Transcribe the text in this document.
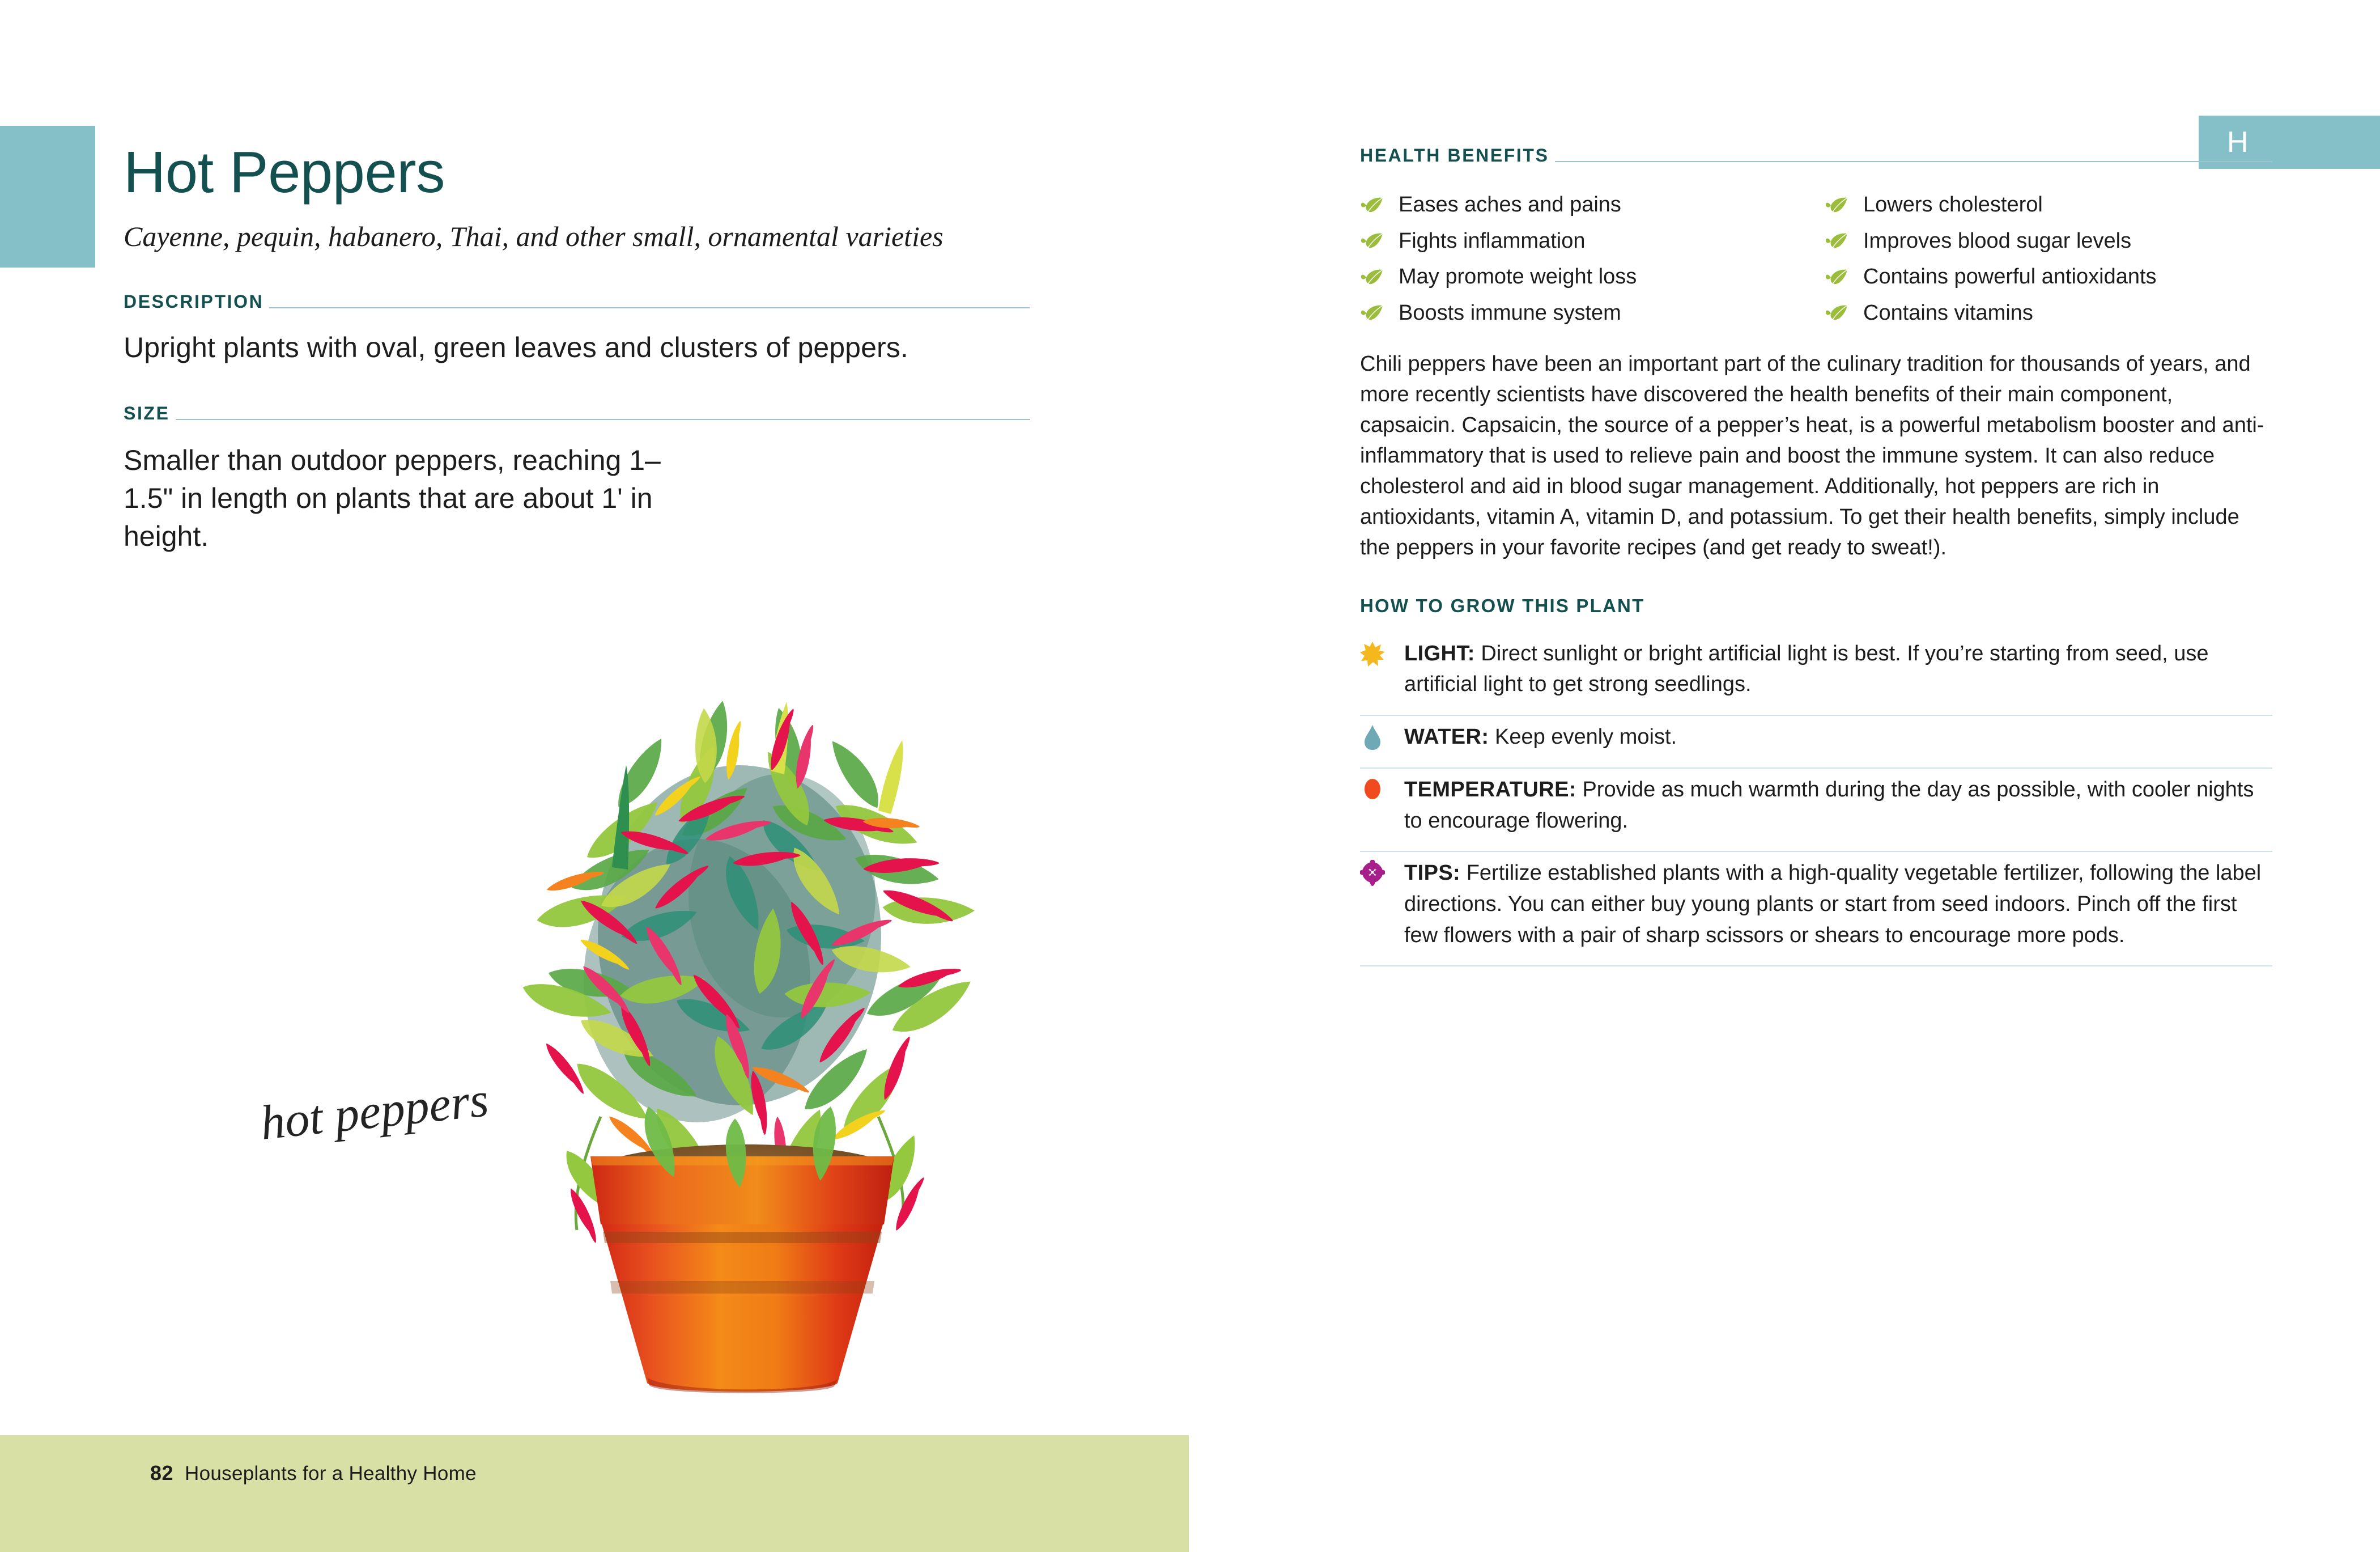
Hot Peppers
Cayenne, pequin, habanero, Thai, and other small, ornamental varieties
DESCRIPTION

Upright plants with oval, green leaves and clusters of peppers.

SIZE

Smaller than outdoor peppers, reaching 1–1.5" in length on plants that are about 1' in height.

hot peppers
82 Houseplants for a Healthy Home
H
HEALTH BENEFITS
Eases aches and pains	Lowers cholesterol
Fights inflammation	Improves blood sugar levels
May promote weight loss	Contains powerful antioxidants
Boosts immune system	Contains vitamins

Chili peppers have been an important part of the culinary tradition for thousands of years, and more recently scientists have discovered the health benefits of their main component, capsaicin. Capsaicin, the source of a pepper’s heat, is a powerful metabolism booster and anti-inflammatory that is used to relieve pain and boost the immune system. It can also reduce cholesterol and aid in blood sugar management. Additionally, hot peppers are rich in antioxidants, vitamin A, vitamin D, and potassium. To get their health benefits, simply include the peppers in your favorite recipes (and get ready to sweat!).

HOW TO GROW THIS PLANT
LIGHT: Direct sunlight or bright artificial light is best. If you’re starting from seed, use artificial light to get strong seedlings.
WATER: Keep evenly moist.
TEMPERATURE: Provide as much warmth during the day as possible, with cooler nights to encourage flowering.
TIPS: Fertilize established plants with a high-quality vegetable fertilizer, following the label directions. You can either buy young plants or start from seed indoors. Pinch off the first few flowers with a pair of sharp scissors or shears to encourage more pods.
